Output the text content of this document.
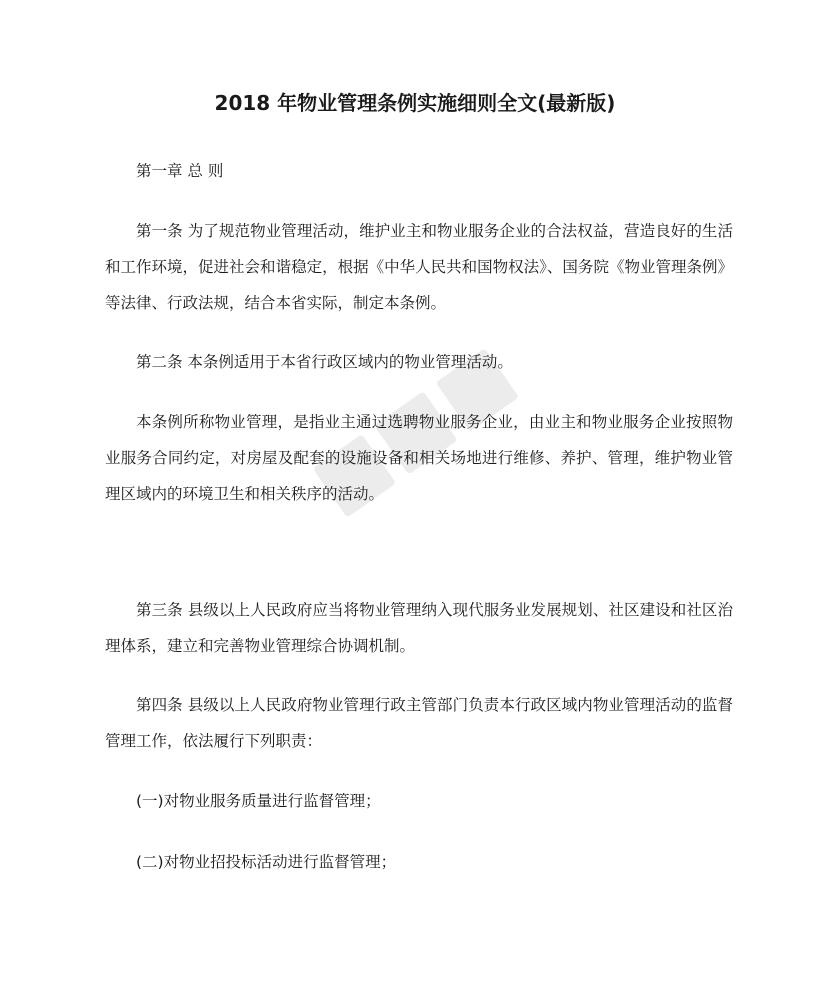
2018 年物业管理条例实施细则全文(最新版)

第一章 总 则

第一条 为了规范物业管理活动，维护业主和物业服务企业的合法权益，营造良好的生活和工作环境，促进社会和谐稳定，根据《中华人民共和国物权法》、国务院《物业管理条例》等法律、行政法规，结合本省实际，制定本条例。

第二条 本条例适用于本省行政区域内的物业管理活动。

本条例所称物业管理，是指业主通过选聘物业服务企业，由业主和物业服务企业按照物业服务合同约定，对房屋及配套的设施设备和相关场地进行维修、养护、管理，维护物业管理区域内的环境卫生和相关秩序的活动。

第三条 县级以上人民政府应当将物业管理纳入现代服务业发展规划、社区建设和社区治理体系，建立和完善物业管理综合协调机制。

第四条 县级以上人民政府物业管理行政主管部门负责本行政区域内物业管理活动的监督管理工作，依法履行下列职责：

(一)对物业服务质量进行监督管理；

(二)对物业招投标活动进行监督管理；
